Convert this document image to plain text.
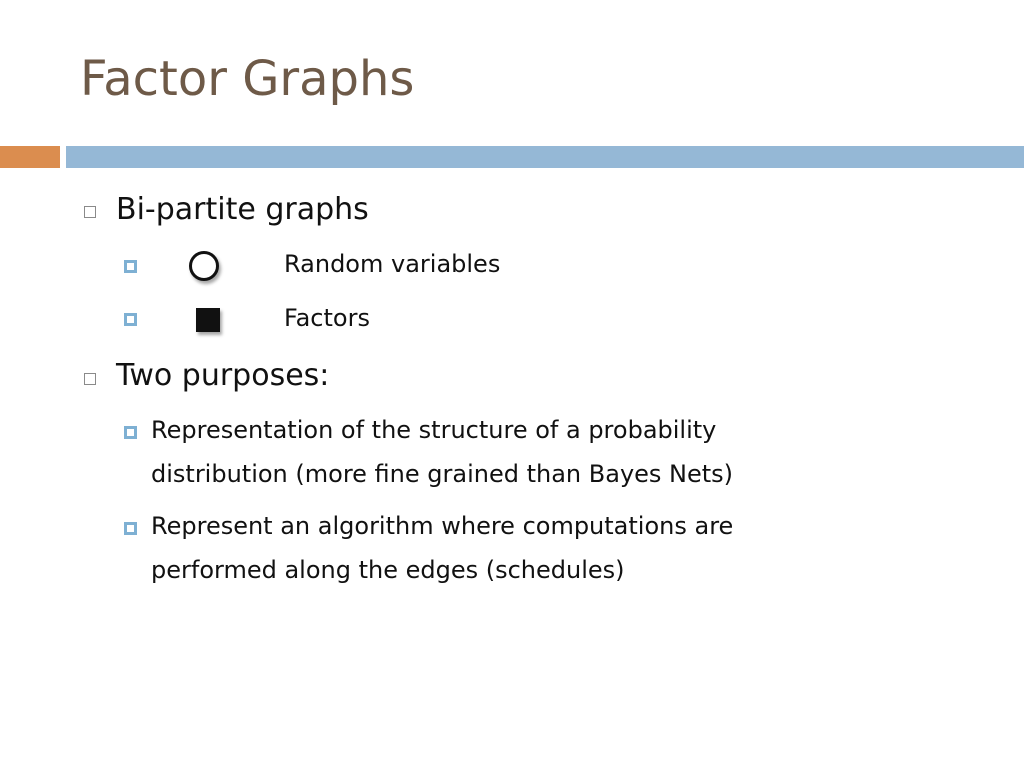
Factor Graphs
Bi-partite graphs
Random variables
Factors
Two purposes:
Representation of the structure of a probability
distribution (more fine grained than Bayes Nets)
Represent an algorithm where computations are
performed along the edges (schedules)
